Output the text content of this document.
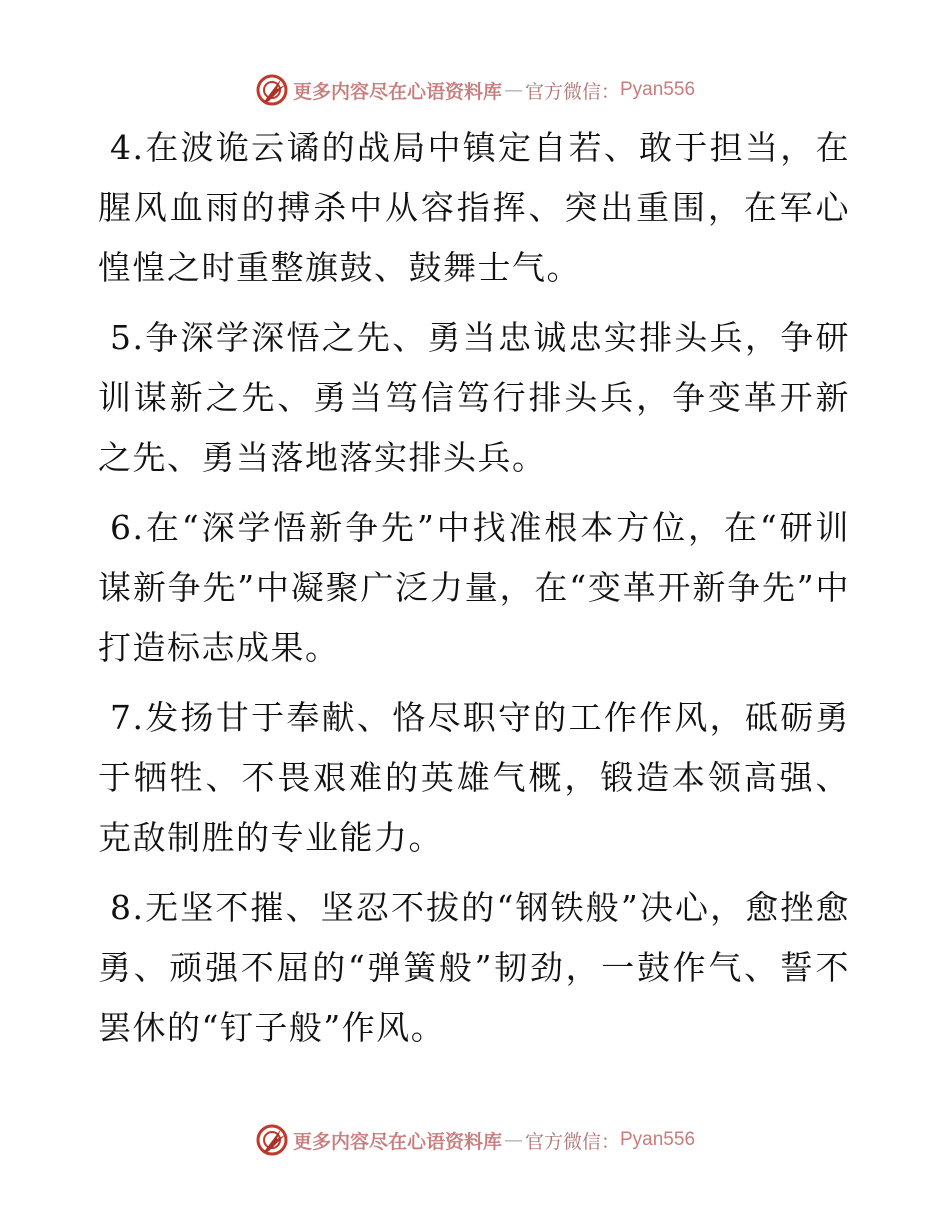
更多内容尽在心语资料库 — 官方微信： Pyan556

4.在波诡云谲的战局中镇定自若、敢于担当，在腥风血雨的搏杀中从容指挥、突出重围，在军心惶惶之时重整旗鼓、鼓舞士气。

5.争深学深悟之先、勇当忠诚忠实排头兵，争研训谋新之先、勇当笃信笃行排头兵，争变革开新之先、勇当落地落实排头兵。

6.在“深学悟新争先”中找准根本方位，在“研训谋新争先”中凝聚广泛力量，在“变革开新争先”中打造标志成果。

7.发扬甘于奉献、恪尽职守的工作作风，砥砺勇于牺牲、不畏艰难的英雄气概，锻造本领高强、克敌制胜的专业能力。

8.无坚不摧、坚忍不拔的“钢铁般”决心，愈挫愈勇、顽强不屈的“弹簧般”韧劲，一鼓作气、誓不罢休的“钉子般”作风。

更多内容尽在心语资料库 — 官方微信： Pyan556
